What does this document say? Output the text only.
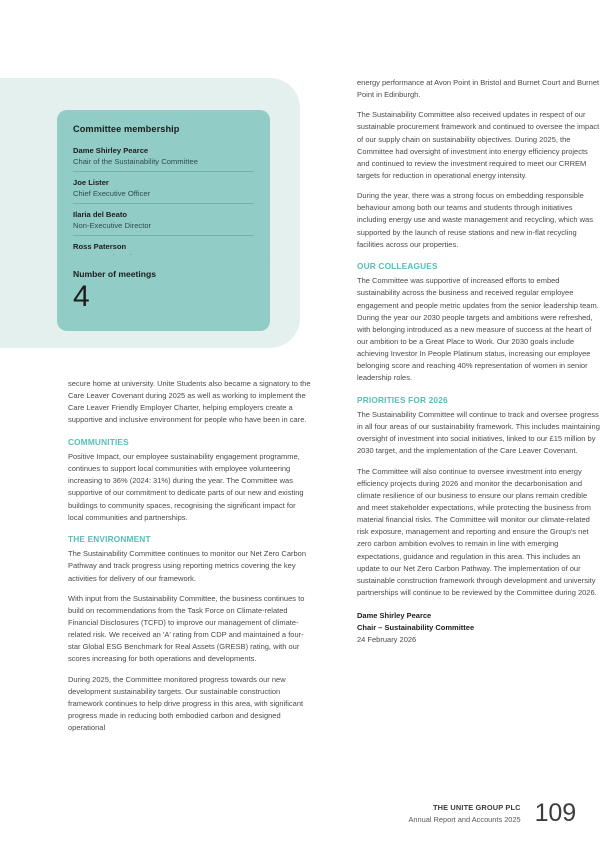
Committee membership
Dame Shirley Pearce
Chair of the Sustainability Committee
Joe Lister
Chief Executive Officer
Ilaria del Beato
Non-Executive Director
Ross Paterson
Number of meetings
4

secure home at university. Unite Students also became a signatory to the Care Leaver Covenant during 2025 as well as working to implement the Care Leaver Friendly Employer Charter, helping employers create a supportive and inclusive environment for people who have been in care.

COMMUNITIES

Positive Impact, our employee sustainability engagement programme, continues to support local communities with employee volunteering increasing to 36% (2024: 31%) during the year. The Committee was supportive of our commitment to dedicate parts of our new and existing buildings to community spaces, recognising the significant impact for local communities and partnerships.

THE ENVIRONMENT

The Sustainability Committee continues to monitor our Net Zero Carbon Pathway and track progress using reporting metrics covering the key activities for delivery of our framework.

With input from the Sustainability Committee, the business continues to build on recommendations from the Task Force on Climate-related Financial Disclosures (TCFD) to improve our management of climate-related risk. We received an 'A' rating from CDP and maintained a four-star Global ESG Benchmark for Real Assets (GRESB) rating, with our scores increasing for both operations and developments.

During 2025, the Committee monitored progress towards our new development sustainability targets. Our sustainable construction framework continues to help drive progress in this area, with significant progress made in reducing both embodied carbon and designed operational

energy performance at Avon Point in Bristol and Burnet Court and Burnet Point in Edinburgh.

The Sustainability Committee also received updates in respect of our sustainable procurement framework and continued to oversee the impact of our supply chain on sustainability objectives. During 2025, the Committee had oversight of investment into energy efficiency projects and continued to review the investment required to meet our CRREM targets for reduction in operational energy intensity.

During the year, there was a strong focus on embedding responsible behaviour among both our teams and students through initiatives including energy use and waste management and recycling, which was supported by the launch of reuse stations and new in-flat recycling facilities across our properties.

OUR COLLEAGUES

The Committee was supportive of increased efforts to embed sustainability across the business and received regular employee engagement and people metric updates from the senior leadership team. During the year our 2030 people targets and ambitions were refreshed, with belonging introduced as a new measure of success at the heart of our ambition to be a Great Place to Work. Our 2030 goals include achieving Investor In People Platinum status, increasing our employee belonging score and reaching 40% representation of women in senior leadership roles.

PRIORITIES FOR 2026

The Sustainability Committee will continue to track and oversee progress in all four areas of our sustainability framework. This includes maintaining oversight of investment into social initiatives, linked to our £15 million by 2030 target, and the implementation of the Care Leaver Covenant.

The Committee will also continue to oversee investment into energy efficiency projects during 2026 and monitor the decarbonisation and climate resilience of our business to ensure our plans remain credible and meet stakeholder expectations, while protecting the business from material financial risks. The Committee will monitor our climate-related risk exposure, management and reporting and ensure the Group's net zero carbon ambition evolves to remain in line with emerging expectations, guidance and regulation in this area. This includes an update to our Net Zero Carbon Pathway. The implementation of our sustainable construction framework through development and university partnerships will continue to be reviewed by the Committee during 2026.

Dame Shirley Pearce
Chair – Sustainability Committee
24 February 2026
THE UNITE GROUP PLC
Annual Report and Accounts 2025 109
